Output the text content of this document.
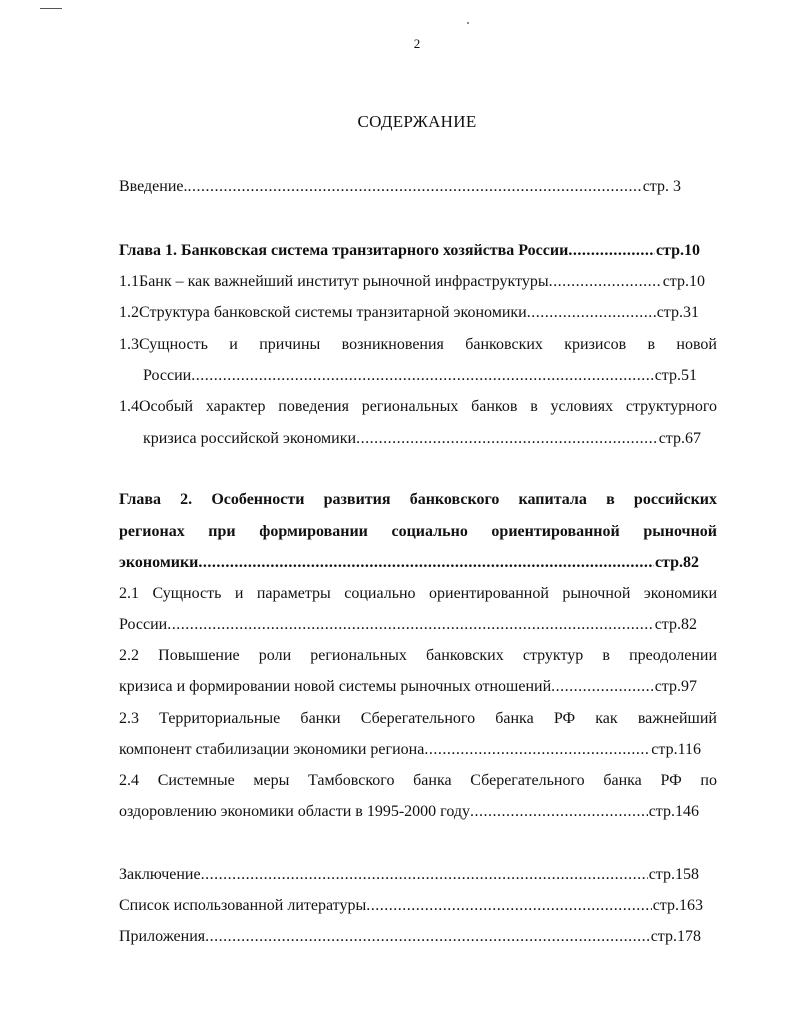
2
СОДЕРЖАНИЕ
Введение. .....	стр. 3
Глава 1. Банковская система транзитарного хозяйства России .....	стр.10
1.1Банк – как важнейший институт рыночной инфраструктуры .....	стр.10
1.2Структура банковской системы транзитарной экономики .....	стр.31
1.3Сущность и причины возникновения банковских кризисов в новой
России .....	стр.51
1.4Особый характер поведения региональных банков в условиях структурного
кризиса российской экономики .....	стр.67
Глава 2. Особенности развития банковского капитала в российских
регионах при формировании социально ориентированной рыночной
экономики .....	стр.82
2.1 Сущность и параметры социально ориентированной рыночной экономики
России .....	стр.82
2.2 Повышение роли региональных банковских структур в преодолении
кризиса и формировании новой системы рыночных отношений .....	стр.97
2.3 Территориальные банки Сберегательного банка РФ как важнейший
компонент стабилизации экономики региона .....	стр.116
2.4 Системные меры Тамбовского банка Сберегательного банка РФ по
оздоровлению экономики области в 1995-2000 году .....	стр.146
Заключение .....	стр.158
Список использованной литературы .....	стр.163
Приложения .....	стр.178
